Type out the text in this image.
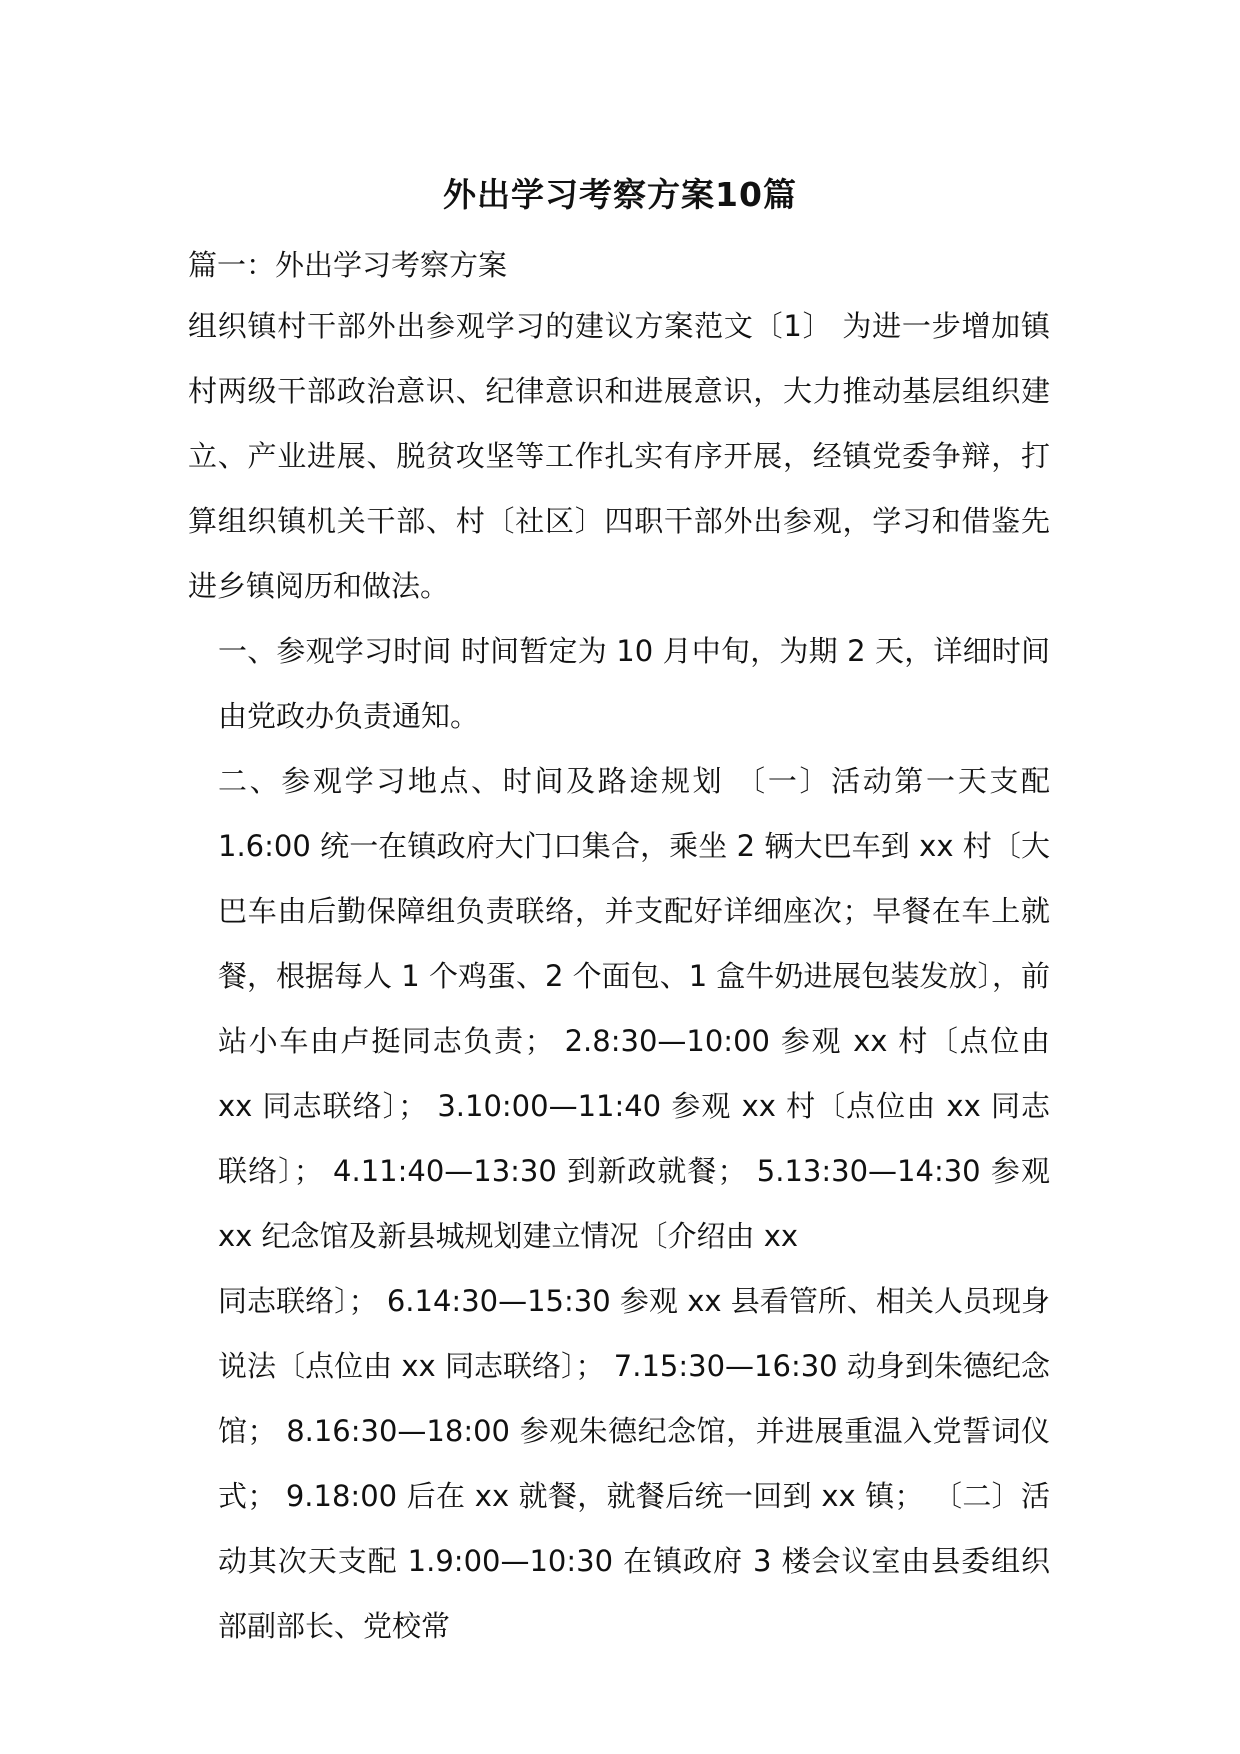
外出学习考察方案10篇

篇一：外出学习考察方案

组织镇村干部外出参观学习的建议方案范文〔1〕 为进一步增加镇村两级干部政治意识、纪律意识和进展意识，大力推动基层组织建立、产业进展、脱贫攻坚等工作扎实有序开展，经镇党委争辩，打算组织镇机关干部、村〔社区〕四职干部外出参观，学习和借鉴先进乡镇阅历和做法。

一、参观学习时间 时间暂定为 10 月中旬，为期 2 天，详细时间由党政办负责通知。

二、参观学习地点、时间及路途规划 〔一〕活动第一天支配 1.6:00 统一在镇政府大门口集合，乘坐 2 辆大巴车到 xx 村〔大巴车由后勤保障组负责联络，并支配好详细座次；早餐在车上就餐，根据每人 1 个鸡蛋、2 个面包、1 盒牛奶进展包装发放〕，前站小车由卢挺同志负责； 2.8:30—10:00 参观 xx 村〔点位由 xx 同志联络〕； 3.10:00—11:40 参观 xx 村〔点位由 xx 同志联络〕； 4.11:40—13:30 到新政就餐； 5.13:30—14:30 参观 xx 纪念馆及新县城规划建立情况〔介绍由 xx

同志联络〕； 6.14:30—15:30 参观 xx 县看管所、相关人员现身说法〔点位由 xx 同志联络〕； 7.15:30—16:30 动身到朱德纪念馆； 8.16:30—18:00 参观朱德纪念馆，并进展重温入党誓词仪式； 9.18:00 后在 xx 就餐，就餐后统一回到 xx 镇； 〔二〕活动其次天支配 1.9:00—10:30 在镇政府 3 楼会议室由县委组织部副部长、党校常
